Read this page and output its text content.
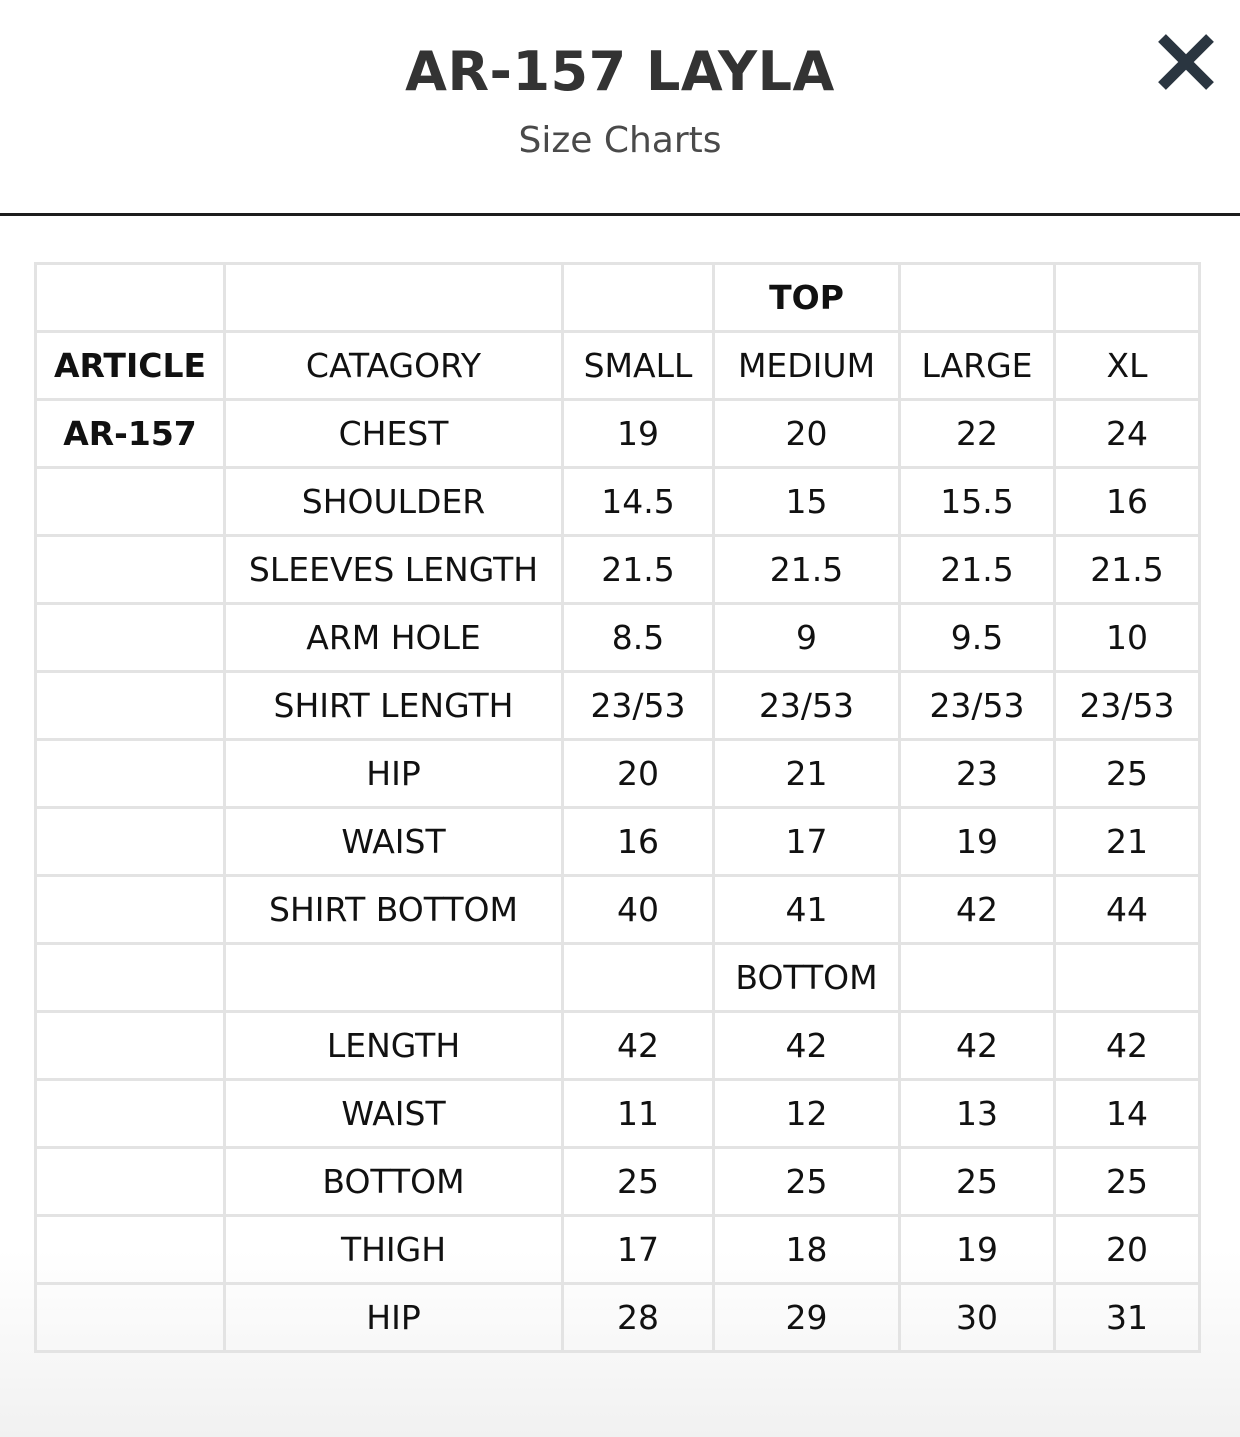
AR-157 LAYLA

Size Charts

			TOP		
ARTICLE	CATAGORY	SMALL	MEDIUM	LARGE	XL
AR-157	CHEST	19	20	22	24
	SHOULDER	14.5	15	15.5	16
	SLEEVES LENGTH	21.5	21.5	21.5	21.5
	ARM HOLE	8.5	9	9.5	10
	SHIRT LENGTH	23/53	23/53	23/53	23/53
	HIP	20	21	23	25
	WAIST	16	17	19	21
	SHIRT BOTTOM	40	41	42	44
			BOTTOM		
	LENGTH	42	42	42	42
	WAIST	11	12	13	14
	BOTTOM	25	25	25	25
	THIGH	17	18	19	20
	HIP	28	29	30	31
